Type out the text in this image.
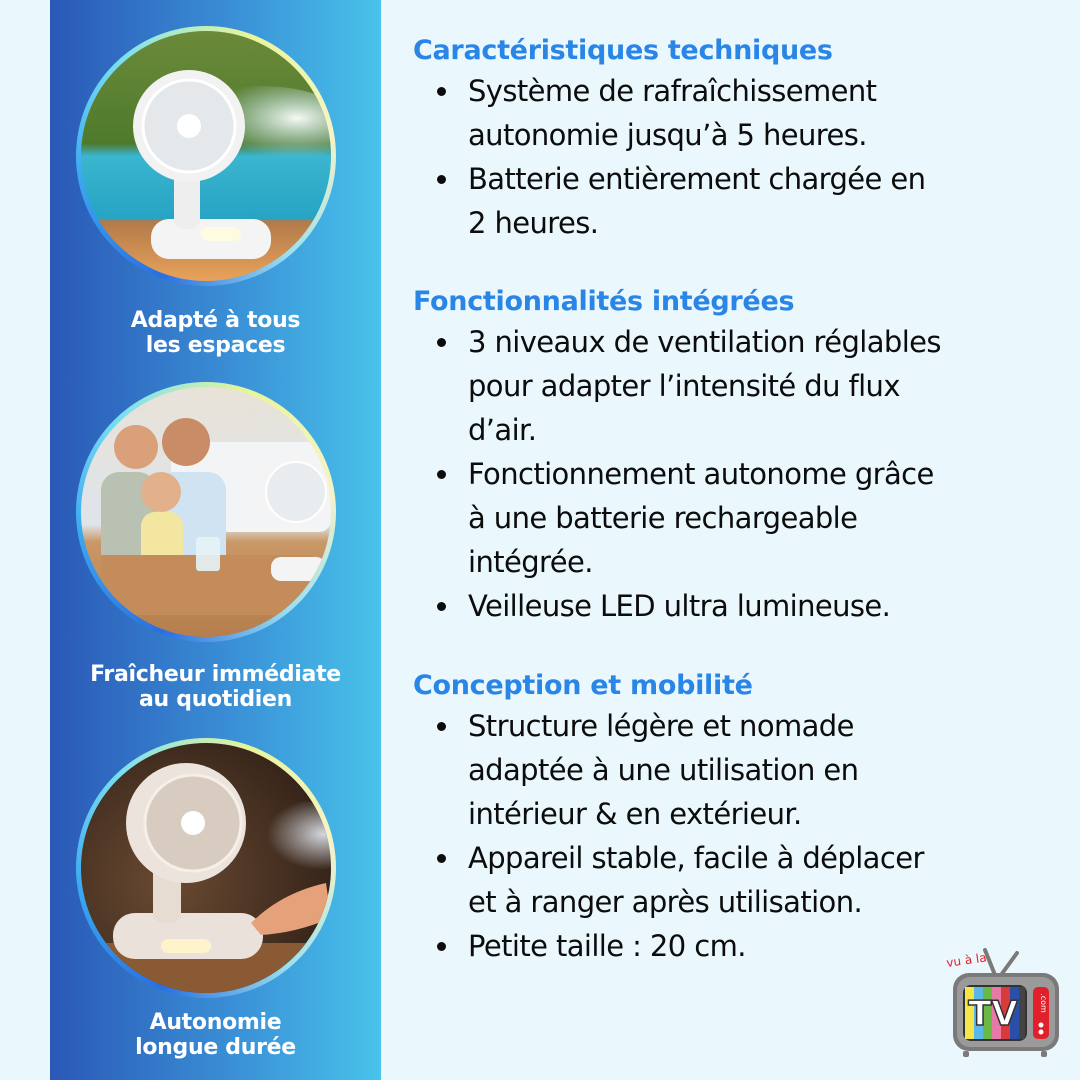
Adapté à tous
les espaces
Fraîcheur immédiate
au quotidien
Autonomie
longue durée
Caractéristiques techniques
Système de rafraîchissement
autonomie jusqu’à 5 heures.
Batterie entièrement chargée en
2 heures.
Fonctionnalités intégrées
3 niveaux de ventilation réglables
pour adapter l’intensité du flux
d’air.
Fonctionnement autonome grâce
à une batterie rechargeable
intégrée.
Veilleuse LED ultra lumineuse.
Conception et mobilité
Structure légère et nomade
adaptée à une utilisation en
intérieur & en extérieur.
Appareil stable, facile à déplacer
et à ranger après utilisation.
Petite taille : 20 cm.
.com
TV
vu à la
